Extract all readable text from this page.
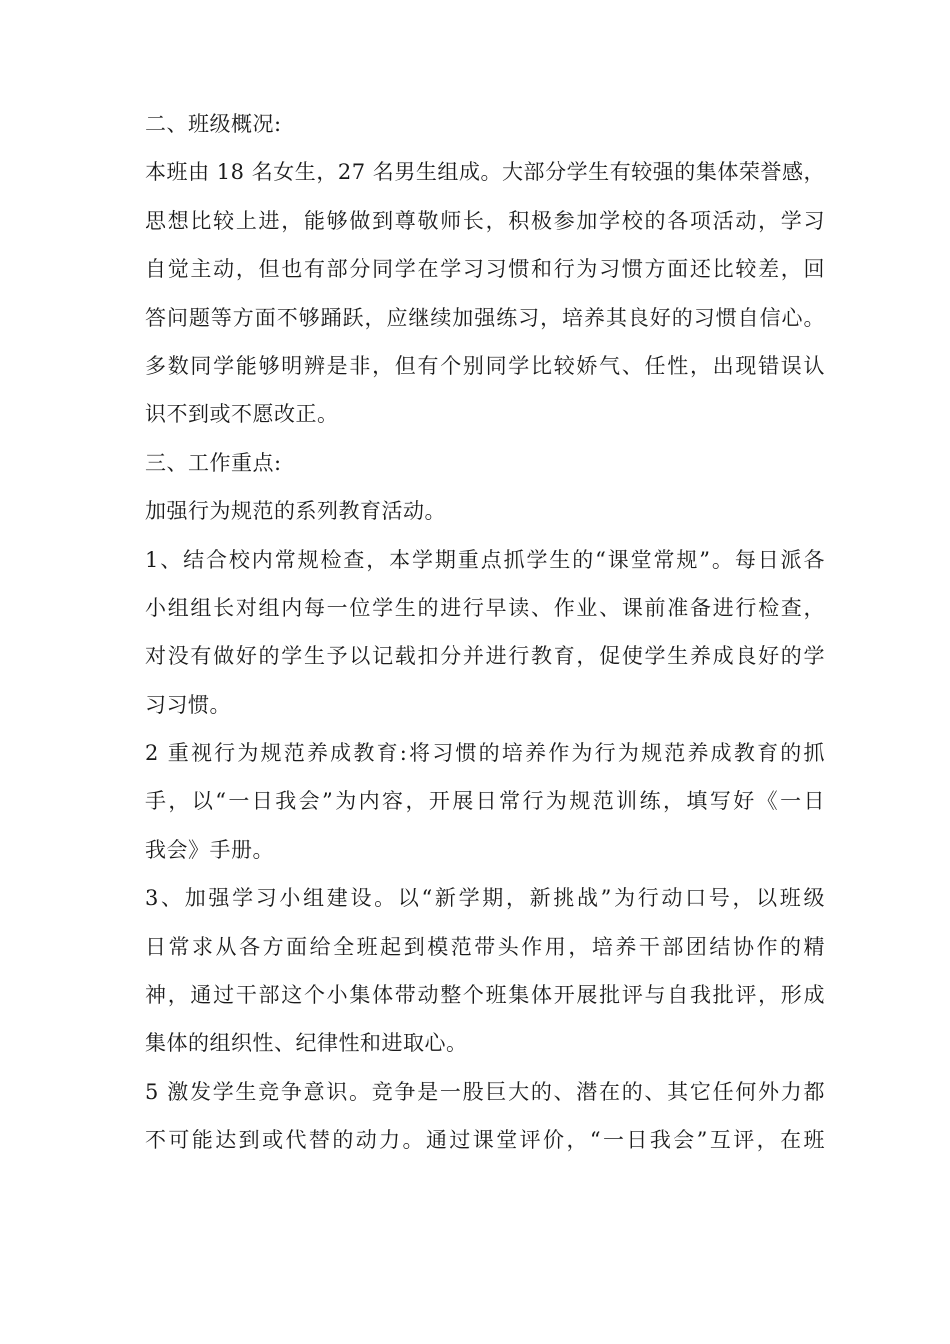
二、班级概况:
本班由 18 名女生，27 名男生组成。大部分学生有较强的集体荣誉感，
思想比较上进，能够做到尊敬师长，积极参加学校的各项活动，学习
自觉主动，但也有部分同学在学习习惯和行为习惯方面还比较差，回
答问题等方面不够踊跃，应继续加强练习，培养其良好的习惯自信心。
多数同学能够明辨是非，但有个别同学比较娇气、任性，出现错误认
识不到或不愿改正。
三、工作重点:
加强行为规范的系列教育活动。
1、结合校内常规检查，本学期重点抓学生的“课堂常规”。每日派各
小组组长对组内每一位学生的进行早读、作业、课前准备进行检查，
对没有做好的学生予以记载扣分并进行教育，促使学生养成良好的学
习习惯。
2 重视行为规范养成教育:将习惯的培养作为行为规范养成教育的抓
手，以“一日我会”为内容，开展日常行为规范训练，填写好《一日
我会》手册。
3、加强学习小组建设。以“新学期，新挑战”为行动口号，以班级
日常求从各方面给全班起到模范带头作用，培养干部团结协作的精
神，通过干部这个小集体带动整个班集体开展批评与自我批评，形成
集体的组织性、纪律性和进取心。
5 激发学生竞争意识。竞争是一股巨大的、潜在的、其它任何外力都
不可能达到或代替的动力。通过课堂评价，“一日我会”互评，在班
